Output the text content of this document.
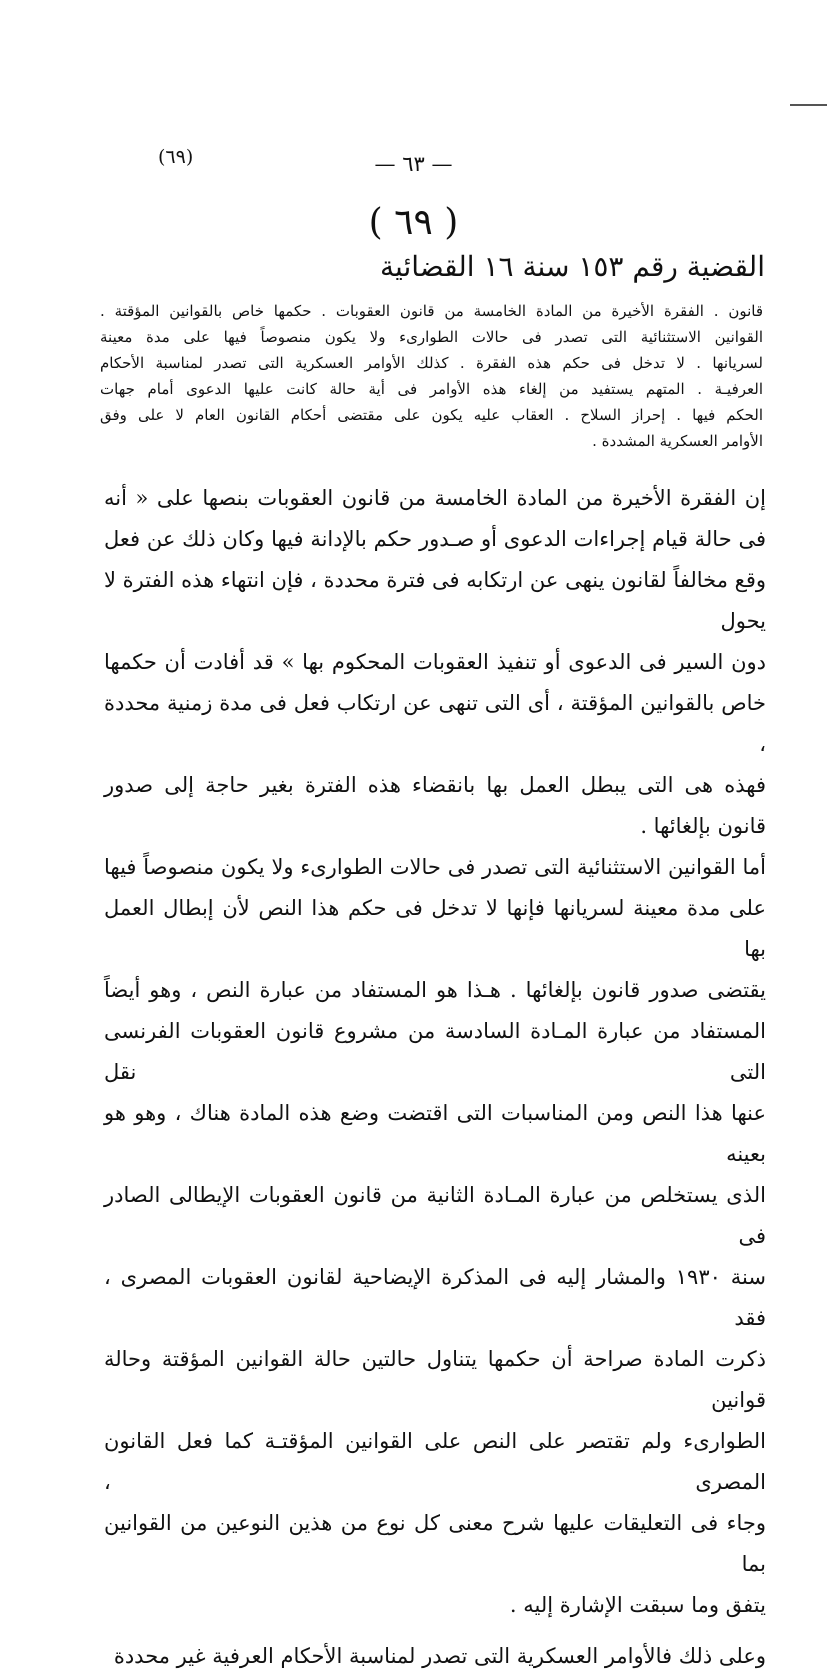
(٦٩)	— ٦٣ —
( ٦٩ )
القضية رقم ١٥٣ سنة ١٦ القضائية

قانون . الفقرة الأخيرة من المادة الخامسة من قانون العقوبات . حكمها خاص بالقوانين المؤقتة .

القوانين الاستثنائية التى تصدر فى حالات الطوارىء ولا يكون منصوصاً فيها على مدة معينة

لسريانها . لا تدخل فى حكم هذه الفقرة . كذلك الأوامر العسكرية التى تصدر لمناسبة الأحكام

العرفيـة . المتهم يستفيد من إلغاء هذه الأوامر فى أية حالة كانت عليها الدعوى أمام جهات

الحكم فيها . إحراز السلاح . العقاب عليه يكون على مقتضى أحكام القانون العام لا على وفق

الأوامر العسكرية المشددة .

إن الفقرة الأخيرة من المادة الخامسة من قانون العقوبات بنصها على « أنه

فى حالة قيام إجراءات الدعوى أو صـدور حكم بالإدانة فيها وكان ذلك عن فعل

وقع مخالفاً لقانون ينهى عن ارتكابه فى فترة محددة ، فإن انتهاء هذه الفترة لا يحول

دون السير فى الدعوى أو تنفيذ العقوبات المحكوم بها » قد أفادت أن حكمها

خاص بالقوانين المؤقتة ، أى التى تنهى عن ارتكاب فعل فى مدة زمنية محددة ،

فهذه هى التى يبطل العمل بها بانقضاء هذه الفترة بغير حاجة إلى صدور قانون بإلغائها .

أما القوانين الاستثنائية التى تصدر فى حالات الطوارىء ولا يكون منصوصاً فيها

على مدة معينة لسريانها فإنها لا تدخل فى حكم هذا النص لأن إبطال العمل بها

يقتضى صدور قانون بإلغائها . هـذا هو المستفاد من عبارة النص ، وهو أيضاً

المستفاد من عبارة المـادة السادسة من مشروع قانون العقوبات الفرنسى التى نقل

عنها هذا النص ومن المناسبات التى اقتضت وضع هذه المادة هناك ، وهو هو بعينه

الذى يستخلص من عبارة المـادة الثانية من قانون العقوبات الإيطالى الصادر فى

سنة ١٩٣٠ والمشار إليه فى المذكرة الإيضاحية لقانون العقوبات المصرى ، فقد

ذكرت المادة صراحة أن حكمها يتناول حالتين حالة القوانين المؤقتة وحالة قوانين

الطوارىء ولم تقتصر على النص على القوانين المؤقتـة كما فعل القانون المصرى ،

وجاء فى التعليقات عليها شرح معنى كل نوع من هذين النوعين من القوانين بما

يتفق وما سبقت الإشارة إليه .

وعلى ذلك فالأوامر العسكرية التى تصدر لمناسبة الأحكام العرفية غير محددة
